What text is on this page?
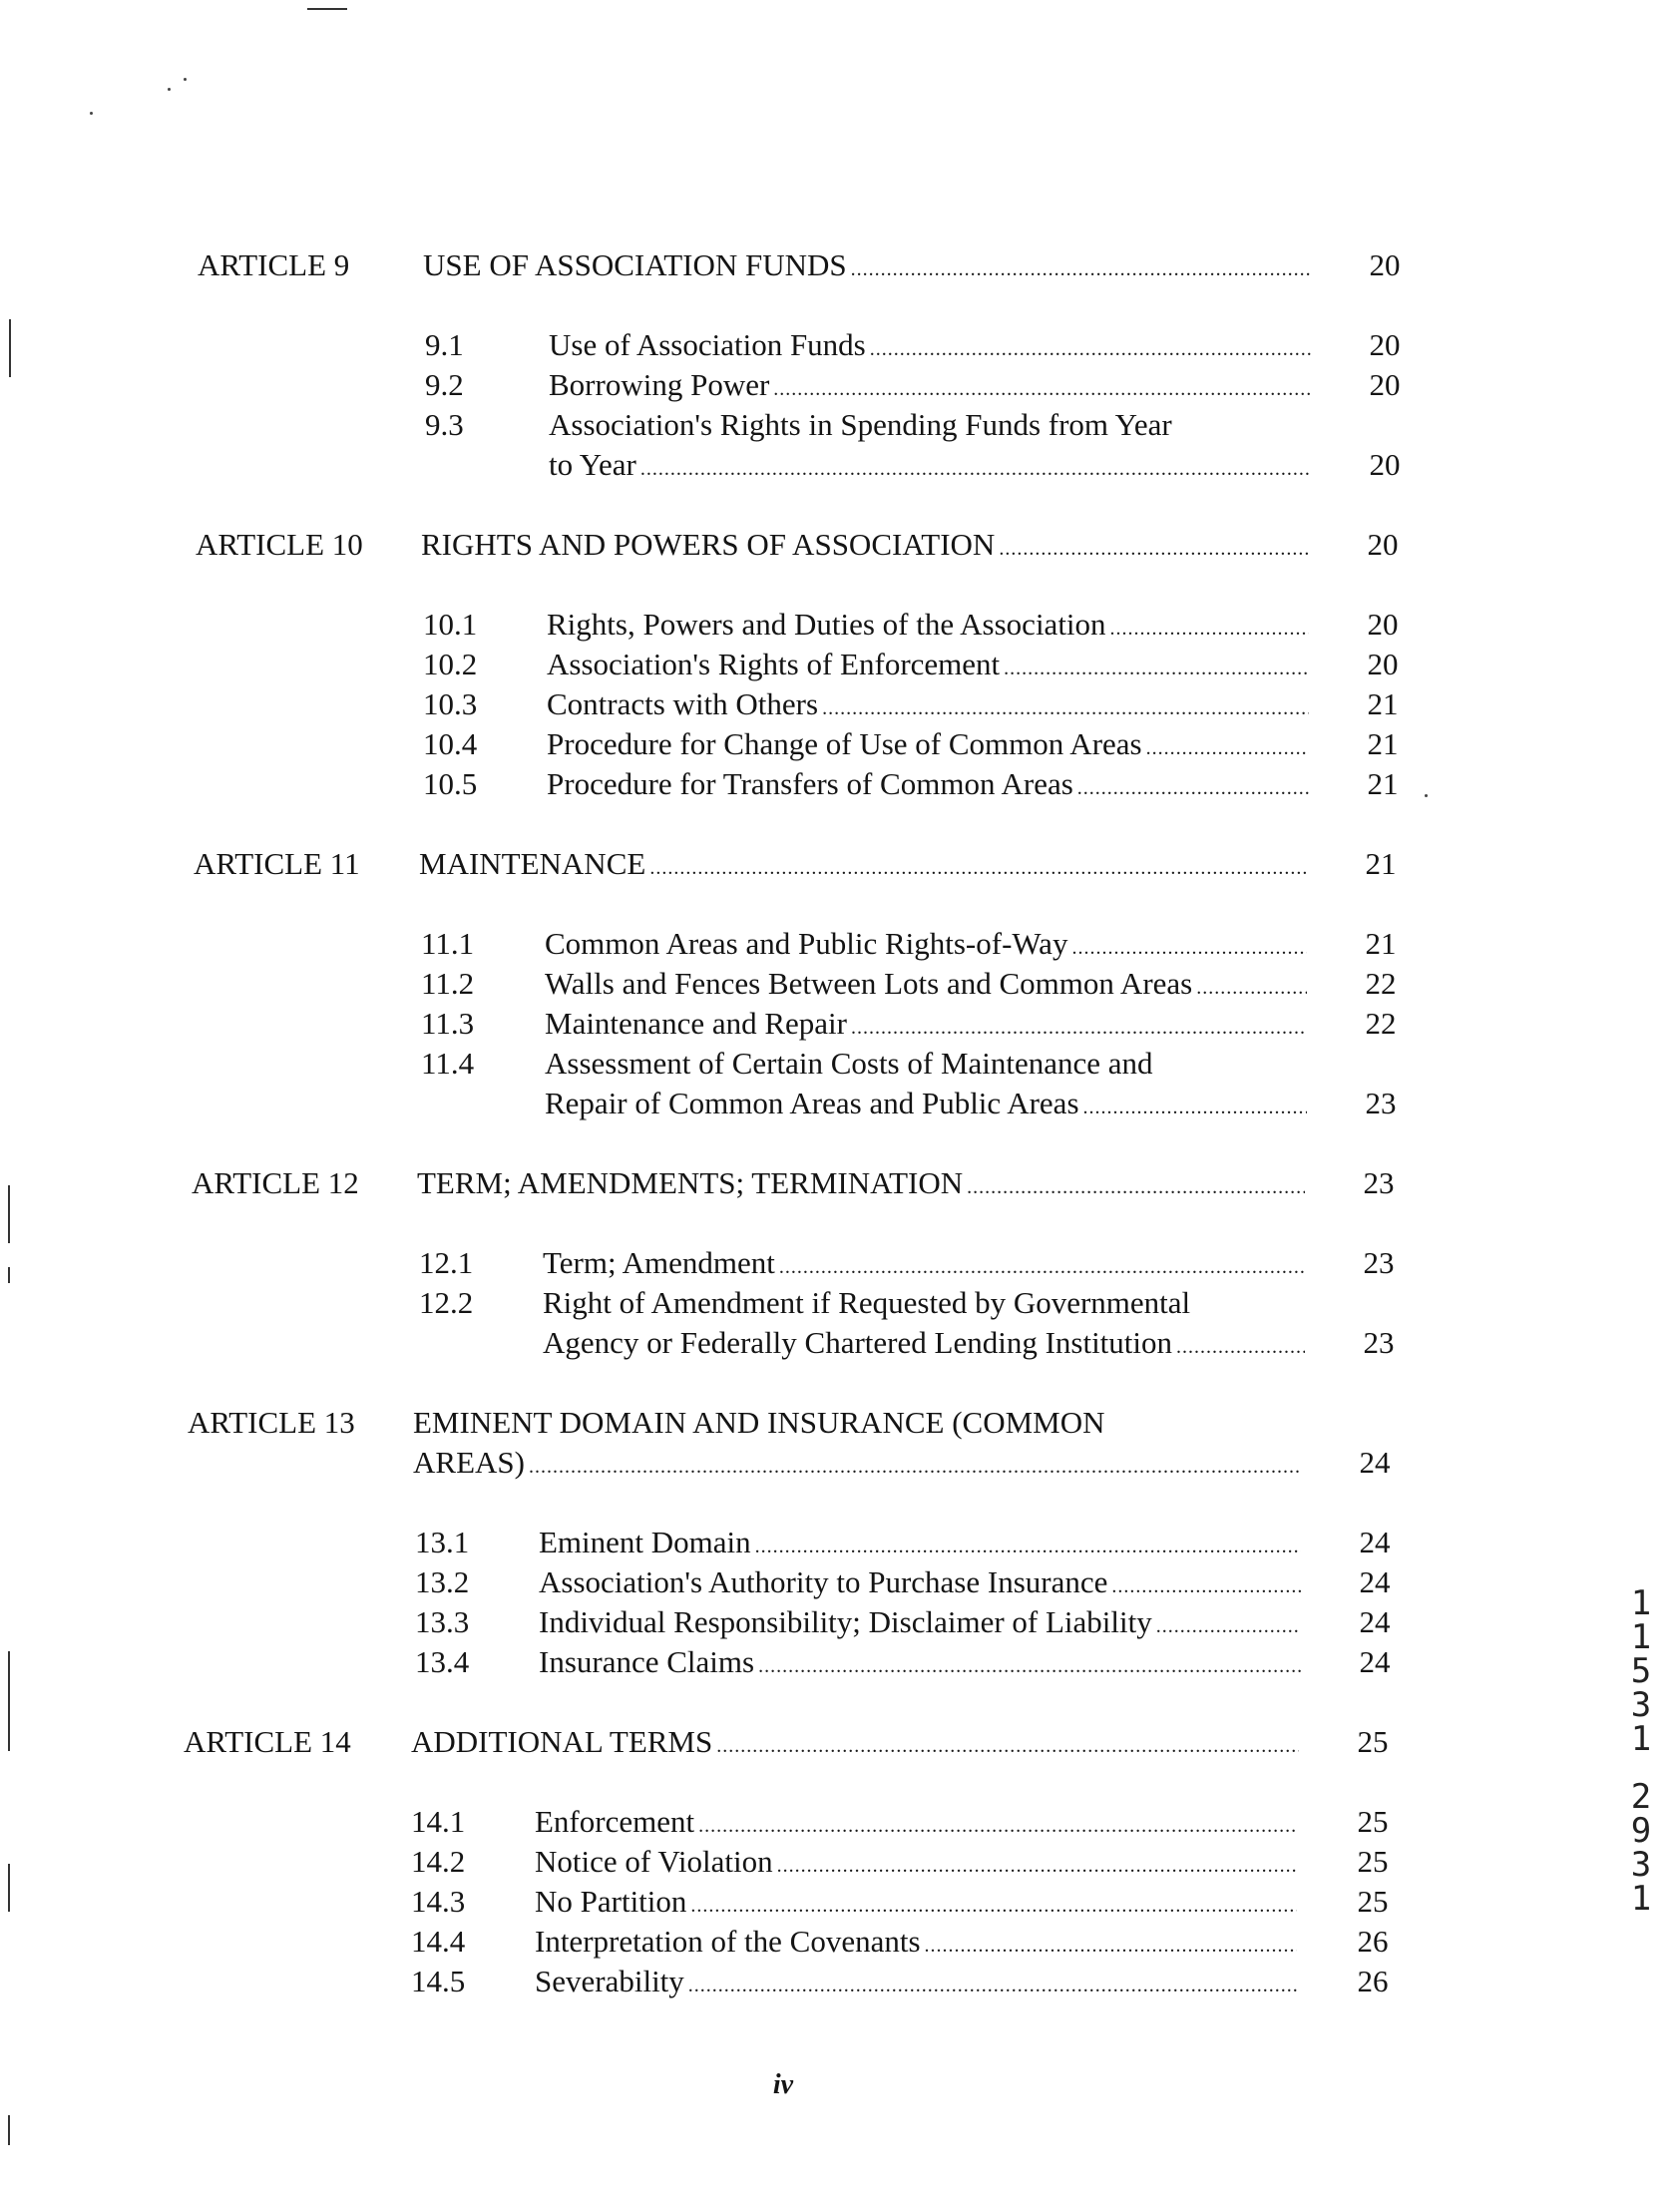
ARTICLE 9 USE OF ASSOCIATION FUNDS .....	20
9.1	Use of Association Funds .....	20
9.2	Borrowing Power .....	20
9.3	Association's Rights in Spending Funds from Year
to Year .....	20
ARTICLE 10 RIGHTS AND POWERS OF ASSOCIATION .....	20
10.1 Rights, Powers and Duties of the Association .....	20
10.2 Association's Rights of Enforcement .....	20
10.3 Contracts with Others .....	21
10.4 Procedure for Change of Use of Common Areas .....	21
10.5 Procedure for Transfers of Common Areas .....	21
ARTICLE 11 MAINTENANCE .....	21
11.1 Common Areas and Public Rights-of-Way .....	21
11.2 Walls and Fences Between Lots and Common Areas .....	22
11.3 Maintenance and Repair .....	22
11.4 Assessment of Certain Costs of Maintenance and
Repair of Common Areas and Public Areas .....	23
ARTICLE 12 TERM; AMENDMENTS; TERMINATION .....	23
12.1 Term; Amendment .....	23
12.2 Right of Amendment if Requested by Governmental
Agency or Federally Chartered Lending Institution .....	23
ARTICLE 13 EMINENT DOMAIN AND INSURANCE (COMMON
AREAS) .....	24
13.1 Eminent Domain .....	24
13.2 Association's Authority to Purchase Insurance .....	24
13.3 Individual Responsibility; Disclaimer of Liability .....	24
13.4 Insurance Claims .....	24
ARTICLE 14 ADDITIONAL TERMS .....	25
14.1 Enforcement .....	25
14.2 Notice of Violation .....	25
14.3 No Partition .....	25
14.4 Interpretation of the Covenants .....	26
14.5 Severability .....	26
iv
1
1
5
3
1
2
9
3
1
